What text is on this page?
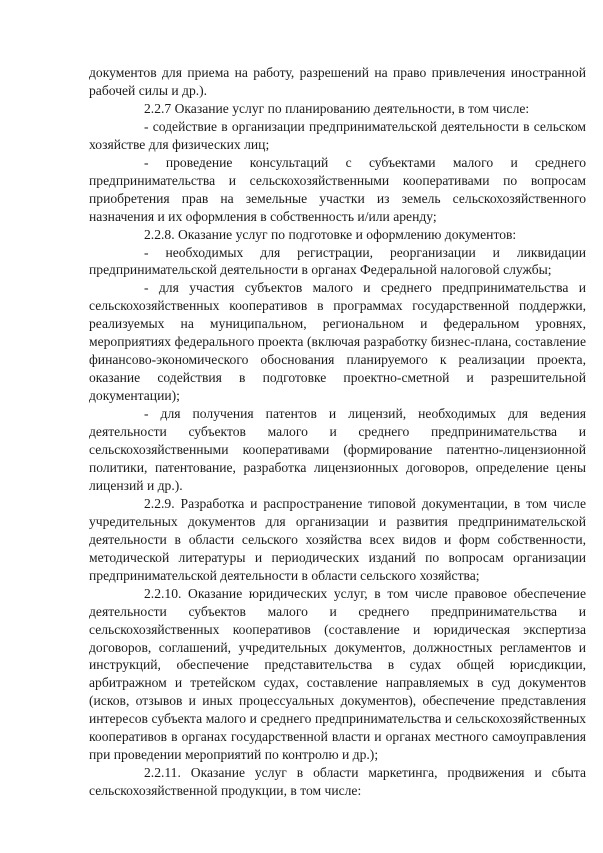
документов для приема на работу, разрешений на право привлечения иностранной рабочей силы и др.).

2.2.7 Оказание услуг по планированию деятельности, в том числе:

- содействие в организации предпринимательской деятельности в сельском хозяйстве для физических лиц;

- проведение консультаций с субъектами малого и среднего предпринимательства и сельскохозяйственными кооперативами по вопросам приобретения прав на земельные участки из земель сельскохозяйственного назначения и их оформления в собственность и/или аренду;

2.2.8. Оказание услуг по подготовке и оформлению документов:

- необходимых для регистрации, реорганизации и ликвидации предпринимательской деятельности в органах Федеральной налоговой службы;

- для участия субъектов малого и среднего предпринимательства и сельскохозяйственных кооперативов в программах государственной поддержки, реализуемых на муниципальном, региональном и федеральном уровнях, мероприятиях федерального проекта (включая разработку бизнес-плана, составление финансово-экономического обоснования планируемого к реализации проекта, оказание содействия в подготовке проектно-сметной и разрешительной документации);

- для получения патентов и лицензий, необходимых для ведения деятельности субъектов малого и среднего предпринимательства и сельскохозяйственными кооперативами (формирование патентно-лицензионной политики, патентование, разработка лицензионных договоров, определение цены лицензий и др.).

2.2.9. Разработка и распространение типовой документации, в том числе учредительных документов для организации и развития предпринимательской деятельности в области сельского хозяйства всех видов и форм собственности, методической литературы и периодических изданий по вопросам организации предпринимательской деятельности в области сельского хозяйства;

2.2.10. Оказание юридических услуг, в том числе правовое обеспечение деятельности субъектов малого и среднего предпринимательства и сельскохозяйственных кооперативов (составление и юридическая экспертиза договоров, соглашений, учредительных документов, должностных регламентов и инструкций, обеспечение представительства в судах общей юрисдикции, арбитражном и третейском судах, составление направляемых в суд документов (исков, отзывов и иных процессуальных документов), обеспечение представления интересов субъекта малого и среднего предпринимательства и сельскохозяйственных кооперативов в органах государственной власти и органах местного самоуправления при проведении мероприятий по контролю и др.);

2.2.11. Оказание услуг в области маркетинга, продвижения и сбыта сельскохозяйственной продукции, в том числе:
